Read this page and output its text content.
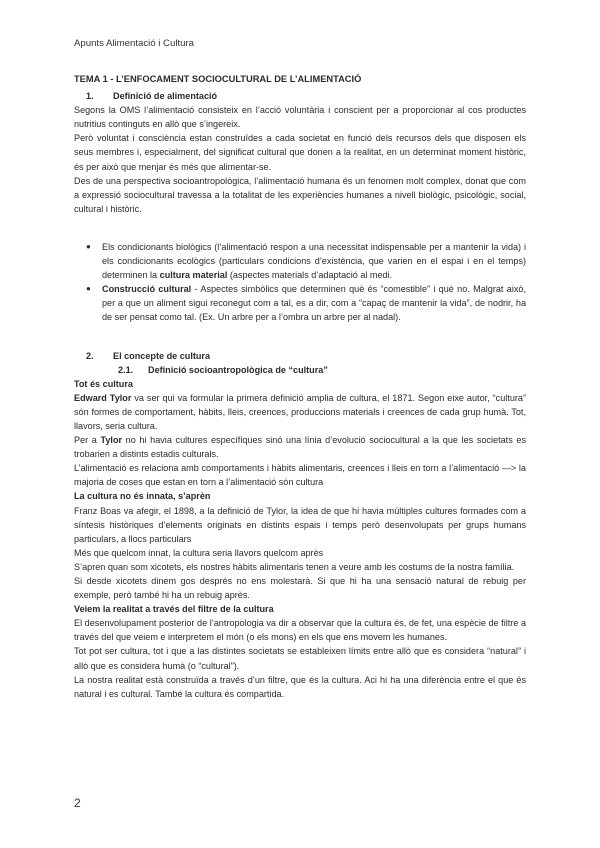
Apunts Alimentació i Cultura

TEMA 1 - L’ENFOCAMENT SOCIOCULTURAL DE L’ALIMENTACIÓ

1. Definició de alimentació

Segons la OMS l’alimentació consisteix en l’acció voluntària i conscient per a proporcionar al cos productes nutritius continguts en allò que s’ingereix.

Però voluntat i consciència estan construïdes a cada societat en funció dels recursos dels que disposen els seus membres i, especialment, del significat cultural que donen a la realitat, en un determinat moment històric, és per això que menjar és més que alimentar-se.

Des de una perspectiva socioantropològica, l’alimentació humana és un fenomen molt complex, donat que com a expressió sociocultural travessa a la totalitat de les experiències humanes a nivell biològic, psicològic, social, cultural i històric.

● Els condicionants biològics (l’alimentació respon a una necessitat indispensable per a mantenir la vida) i els condicionants ecològics (particulars condicions d’existència, que varien en el espai i en el temps) determinen la cultura material (aspectes materials d’adaptació al medi.
● Construcció cultural - Aspectes simbòlics que determinen què és “comestible” i què no. Malgrat això, per a que un aliment sigui reconegut com a tal, es a dir, com a “capaç de mantenir la vida”, de nodrir, ha de ser pensat como tal. (Ex. Un arbre per a l’ombra un arbre per al nadal).

2. El concepte de cultura

2.1. Definició socioantropològica de “cultura”

Tot és cultura

Edward Tylor va ser qui va formular la primera definició amplia de cultura, el 1871. Segon eixe autor, “cultura” són formes de comportament, hàbits, lleis, creences, produccions materials i creences de cada grup humà. Tot, llavors, seria cultura.

Per a Tylor no hi havia cultures específiques sinó una línia d’evolució sociocultural a la que les societats es trobarien a distints estadis culturals.

L’alimentació es relaciona amb comportaments i hàbits alimentaris, creences i lleis en torn a l’alimentació —> la majoria de coses que estan en torn a l’alimentació són cultura

La cultura no és innata, s’aprèn

Franz Boas va afegir, el 1898, a la definició de Tylor, la idea de que hi havia múltiples cultures formades com a síntesis històriques d’elements originats en distints espais i temps però desenvolupats per grups humans particulars, a llocs particulars

Més que quelcom innat, la cultura seria llavors quelcom après

S’apren quan som xicotets, els nostres hàbits alimentaris tenen a veure amb les costums de la nostra família.

Si desde xicotets dinem gos després no ens molestarà. Si que hi ha una sensació natural de rebuig per exemple, però també hi ha un rebuig après.

Veiem la realitat a través del filtre de la cultura

El desenvolupament posterior de l’antropologia va dir a observar que la cultura és, de fet, una espècie de filtre a través del que veiem e interpretem el món (o els mons) en els que ens movem les humanes.

Tot pot ser cultura, tot i que a las distintes societats se estableixen límits entre allò que es considera “natural” i allò que es considera humà (o “cultural”).

La nostra realitat està construïda a través d’un filtre, que és la cultura. Aci hi ha una diferència entre el que és natural i es cultural. També la cultura és compartida.

2
